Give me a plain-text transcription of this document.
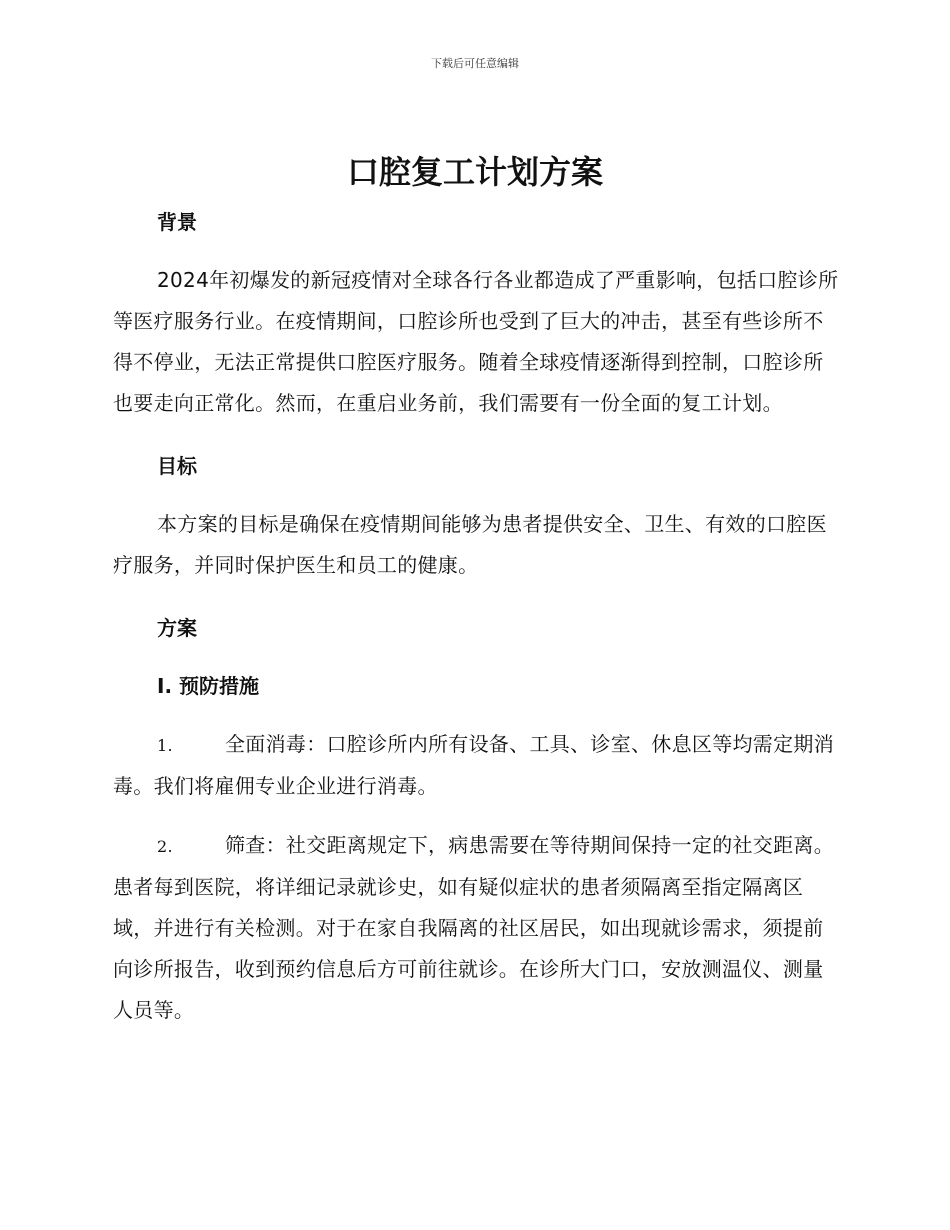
下载后可任意编辑
口腔复工计划方案
背景

2024年初爆发的新冠疫情对全球各行各业都造成了严重影响，包括口腔诊所等医疗服务行业。在疫情期间，口腔诊所也受到了巨大的冲击，甚至有些诊所不得不停业，无法正常提供口腔医疗服务。随着全球疫情逐渐得到控制，口腔诊所也要走向正常化。然而，在重启业务前，我们需要有一份全面的复工计划。

目标

本方案的目标是确保在疫情期间能够为患者提供安全、卫生、有效的口腔医疗服务，并同时保护医生和员工的健康。

方案
Ⅰ. 预防措施

1.	全面消毒：口腔诊所内所有设备、工具、诊室、休息区等均需定期消毒。我们将雇佣专业企业进行消毒。

2.	筛查：社交距离规定下，病患需要在等待期间保持一定的社交距离。患者每到医院，将详细记录就诊史，如有疑似症状的患者须隔离至指定隔离区域，并进行有关检测。对于在家自我隔离的社区居民，如出现就诊需求，须提前向诊所报告，收到预约信息后方可前往就诊。在诊所大门口，安放测温仪、测量人员等。
